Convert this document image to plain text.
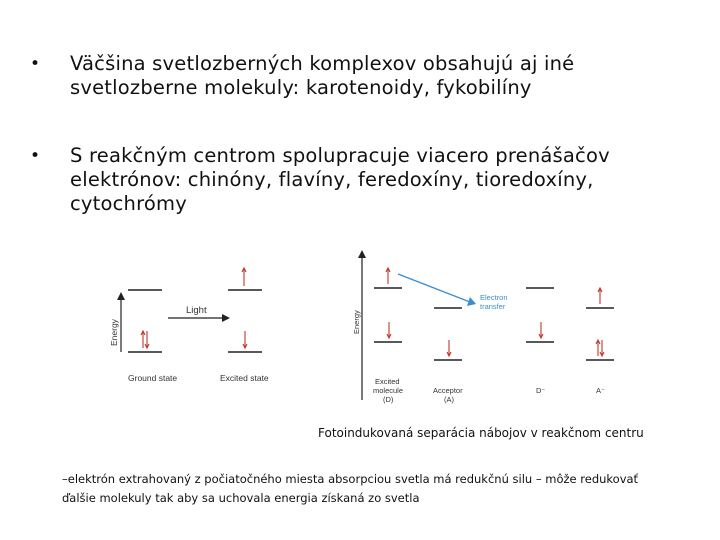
• Väčšina svetlozberných komplexov obsahujú aj iné
svetlozberne molekuly: karotenoidy, fykobilíny
• S reakčným centrom spolupracuje viacero prenášačov
elektrónov: chinóny, flavíny, feredoxíny, tioredoxíny,
cytochrómy
Energy
Light
Ground state	Excited state
Energy
Electron
transfer
Excited
molecule
(D)
Acceptor
(A)
D⁻	A⁻
Fotoindukovaná separácia nábojov v reakčnom centru
–elektrón extrahovaný z počiatočného miesta absorpciou svetla má redukčnú silu – môže redukovať
ďalšie molekuly tak aby sa uchovala energia získaná zo svetla
